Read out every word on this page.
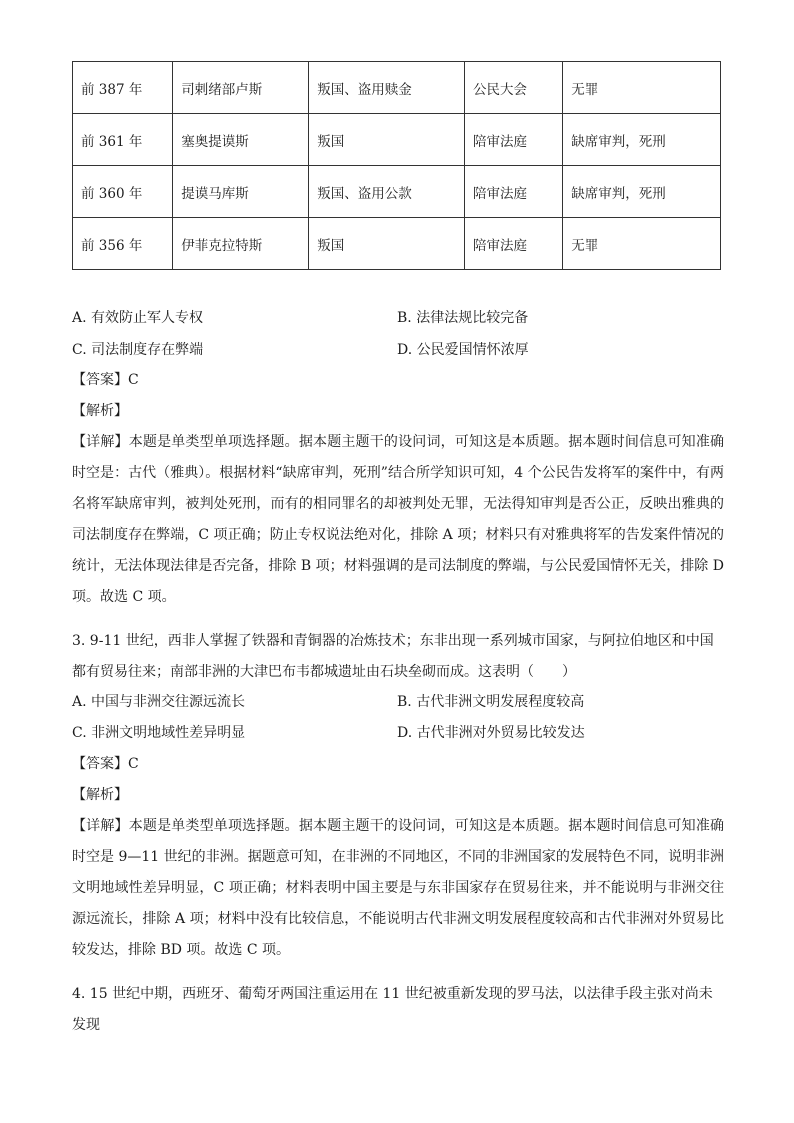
前 387 年	司剌绪部卢斯	叛国、盗用赎金	公民大会	无罪
前 361 年	塞奥提谟斯	叛国	陪审法庭	缺席审判，死刑
前 360 年	提谟马库斯	叛国、盗用公款	陪审法庭	缺席审判，死刑
前 356 年	伊菲克拉特斯	叛国	陪审法庭	无罪
A. 有效防止军人专权	B. 法律法规比较完备
C. 司法制度存在弊端	D. 公民爱国情怀浓厚
【答案】C
【解析】
【详解】本题是单类型单项选择题。据本题主题干的设问词，可知这是本质题。据本题时间信息可知准确时空是：古代（雅典）。根据材料“缺席审判，死刑”结合所学知识可知，4 个公民告发将军的案件中，有两名将军缺席审判，被判处死刑，而有的相同罪名的却被判处无罪，无法得知审判是否公正，反映出雅典的司法制度存在弊端，C 项正确；防止专权说法绝对化，排除 A 项；材料只有对雅典将军的告发案件情况的统计，无法体现法律是否完备，排除 B 项；材料强调的是司法制度的弊端，与公民爱国情怀无关，排除 D 项。故选 C 项。
3. 9-11 世纪，西非人掌握了铁器和青铜器的冶炼技术；东非出现一系列城市国家，与阿拉伯地区和中国都有贸易往来；南部非洲的大津巴布韦都城遗址由石块垒砌而成。这表明（　　）
A. 中国与非洲交往源远流长	B. 古代非洲文明发展程度较高
C. 非洲文明地域性差异明显	D. 古代非洲对外贸易比较发达
【答案】C
【解析】
【详解】本题是单类型单项选择题。据本题主题干的设问词，可知这是本质题。据本题时间信息可知准确时空是 9—11 世纪的非洲。据题意可知，在非洲的不同地区，不同的非洲国家的发展特色不同，说明非洲文明地域性差异明显，C 项正确；材料表明中国主要是与东非国家存在贸易往来，并不能说明与非洲交往源远流长，排除 A 项；材料中没有比较信息，不能说明古代非洲文明发展程度较高和古代非洲对外贸易比较发达，排除 BD 项。故选 C 项。
4. 15 世纪中期，西班牙、葡萄牙两国注重运用在 11 世纪被重新发现的罗马法，以法律手段主张对尚未发现
